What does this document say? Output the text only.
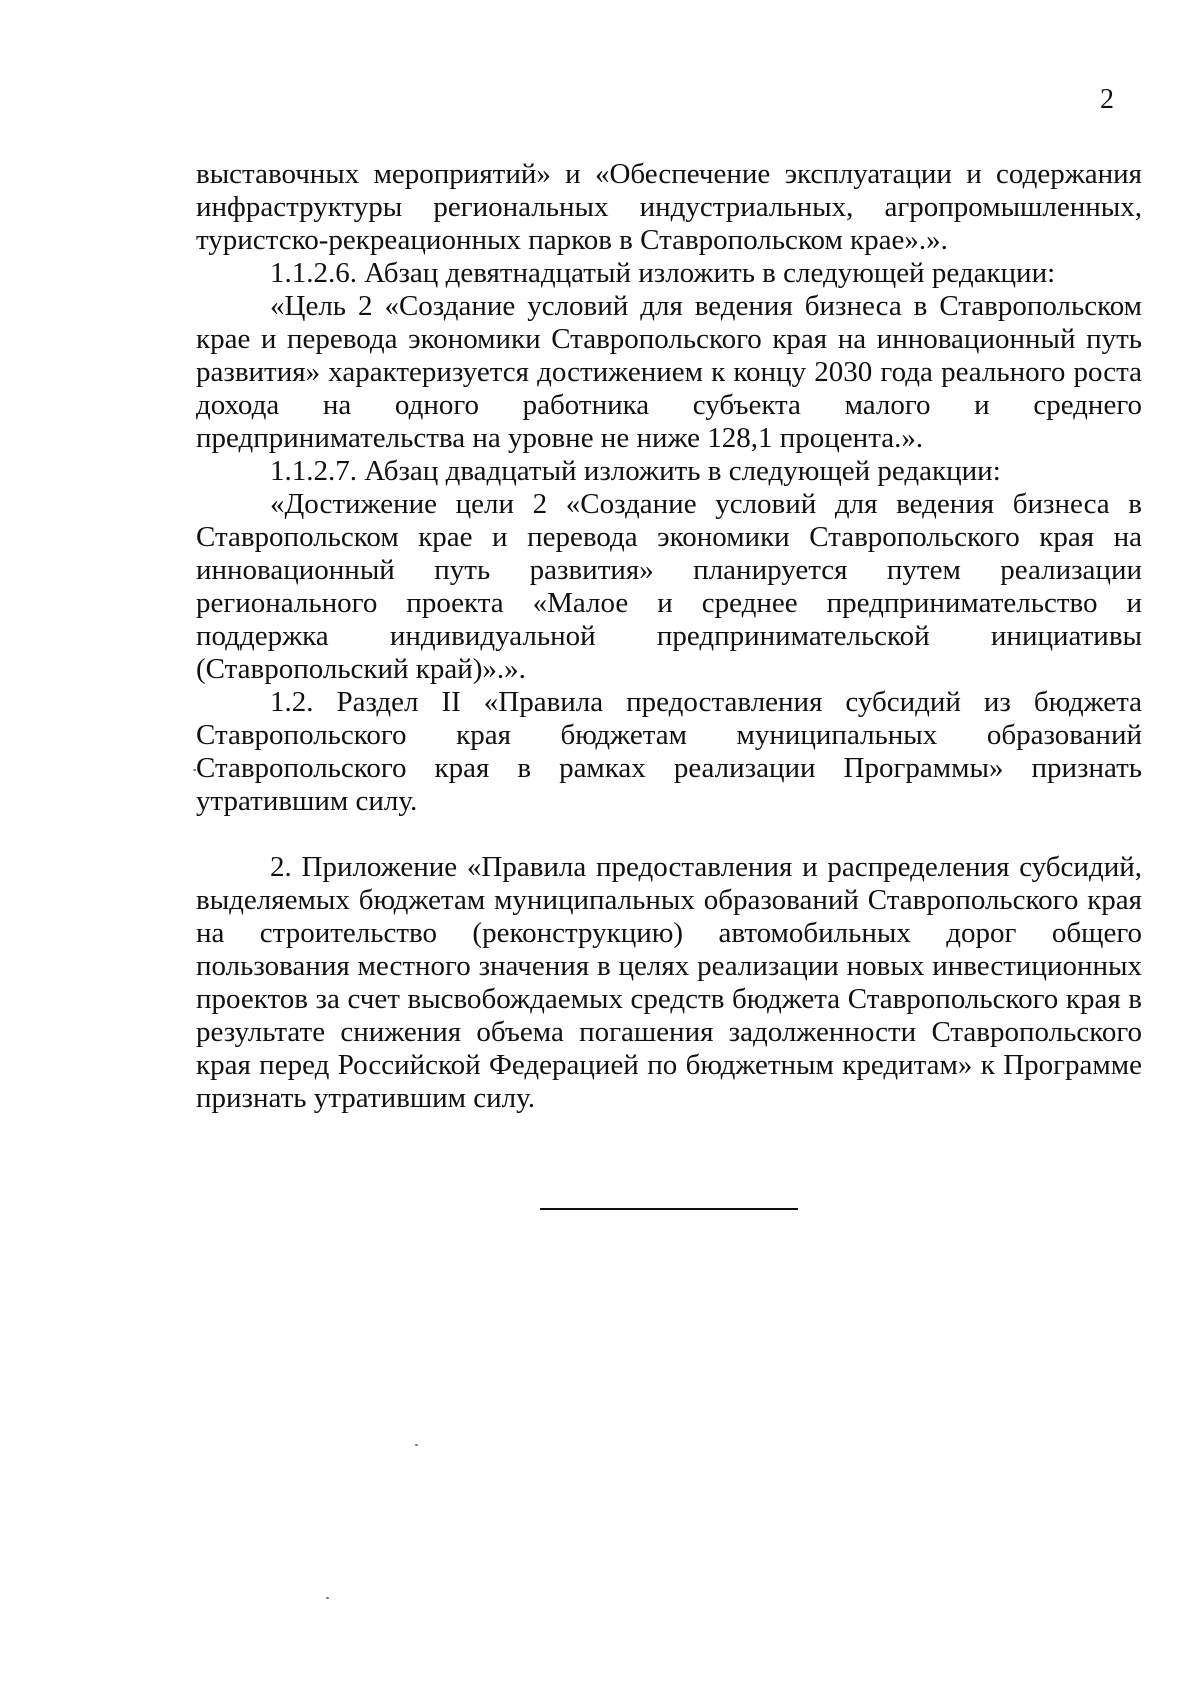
2

выставочных мероприятий» и «Обеспечение эксплуатации и содержания инфраструктуры региональных индустриальных, агропромышленных, туристско-рекреационных парков в Ставропольском крае».».

1.1.2.6. Абзац девятнадцатый изложить в следующей редакции:

«Цель 2 «Создание условий для ведения бизнеса в Ставропольском крае и перевода экономики Ставропольского края на инновационный путь развития» характеризуется достижением к концу 2030 года реального роста дохода на одного работника субъекта малого и среднего предпринимательства на уровне не ниже 128,1 процента.».

1.1.2.7. Абзац двадцатый изложить в следующей редакции:

«Достижение цели 2 «Создание условий для ведения бизнеса в Ставропольском крае и перевода экономики Ставропольского края на инновационный путь развития» планируется путем реализации регионального проекта «Малое и среднее предпринимательство и поддержка индивидуальной предпринимательской инициативы (Ставропольский край)».».

1.2. Раздел II «Правила предоставления субсидий из бюджета Ставропольского края бюджетам муниципальных образований Ставропольского края в рамках реализации Программы» признать утратившим силу.

2. Приложение «Правила предоставления и распределения субсидий, выделяемых бюджетам муниципальных образований Ставропольского края на строительство (реконструкцию) автомобильных дорог общего пользования местного значения в целях реализации новых инвестиционных проектов за счет высвобождаемых средств бюджета Ставропольского края в результате снижения объема погашения задолженности Ставропольского края перед Российской Федерацией по бюджетным кредитам» к Программе признать утратившим силу.
